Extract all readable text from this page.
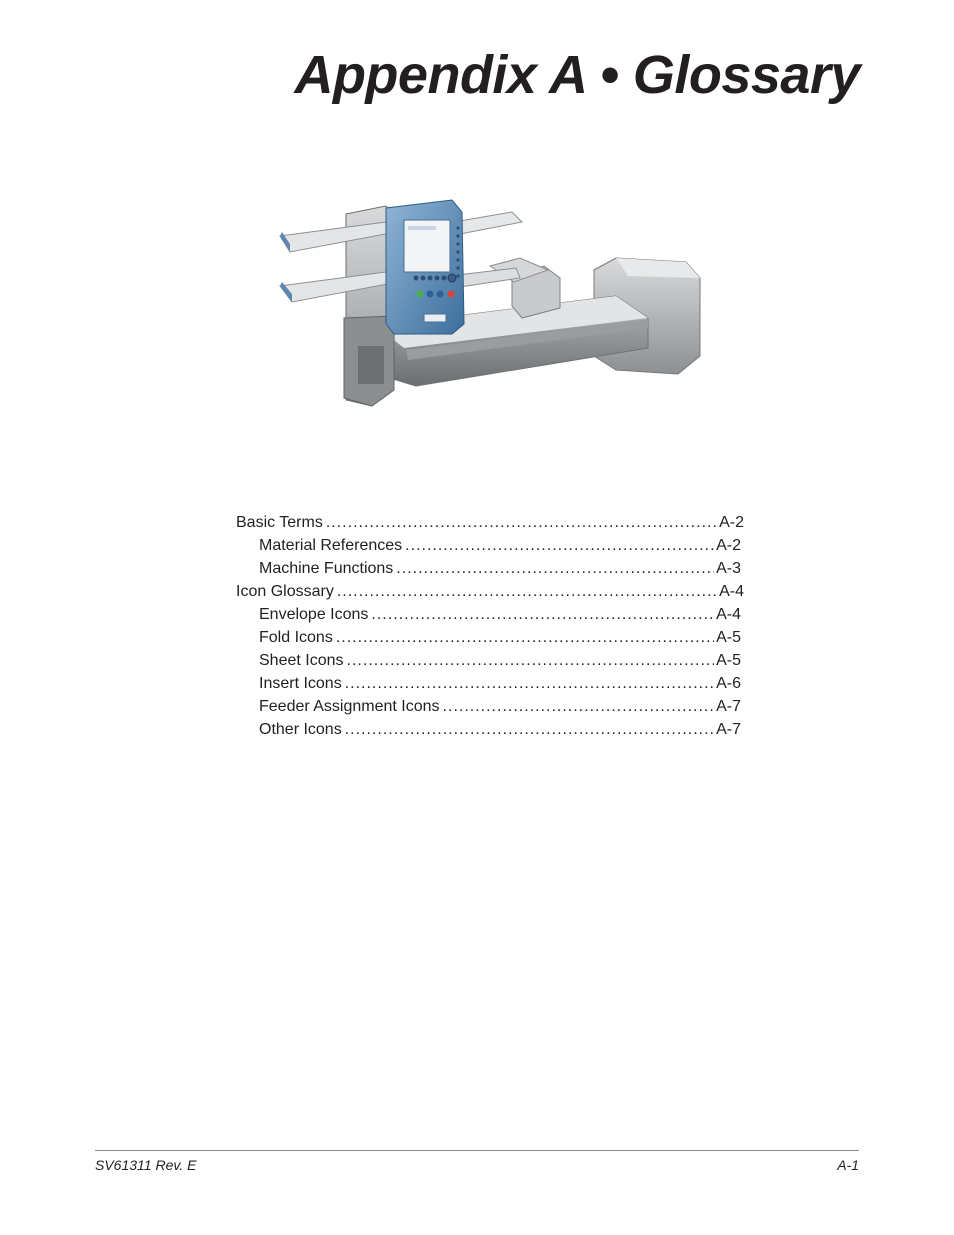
Appendix A • Glossary
Basic Terms .....	A-2
Material References .....	A-2
Machine Functions .....	A-3
Icon Glossary .....	A-4
Envelope Icons .....	A-4
Fold Icons .....	A-5
Sheet Icons .....	A-5
Insert Icons .....	A-6
Feeder Assignment Icons .....	A-7
Other Icons .....	A-7
SV61311 Rev. E	A-1
